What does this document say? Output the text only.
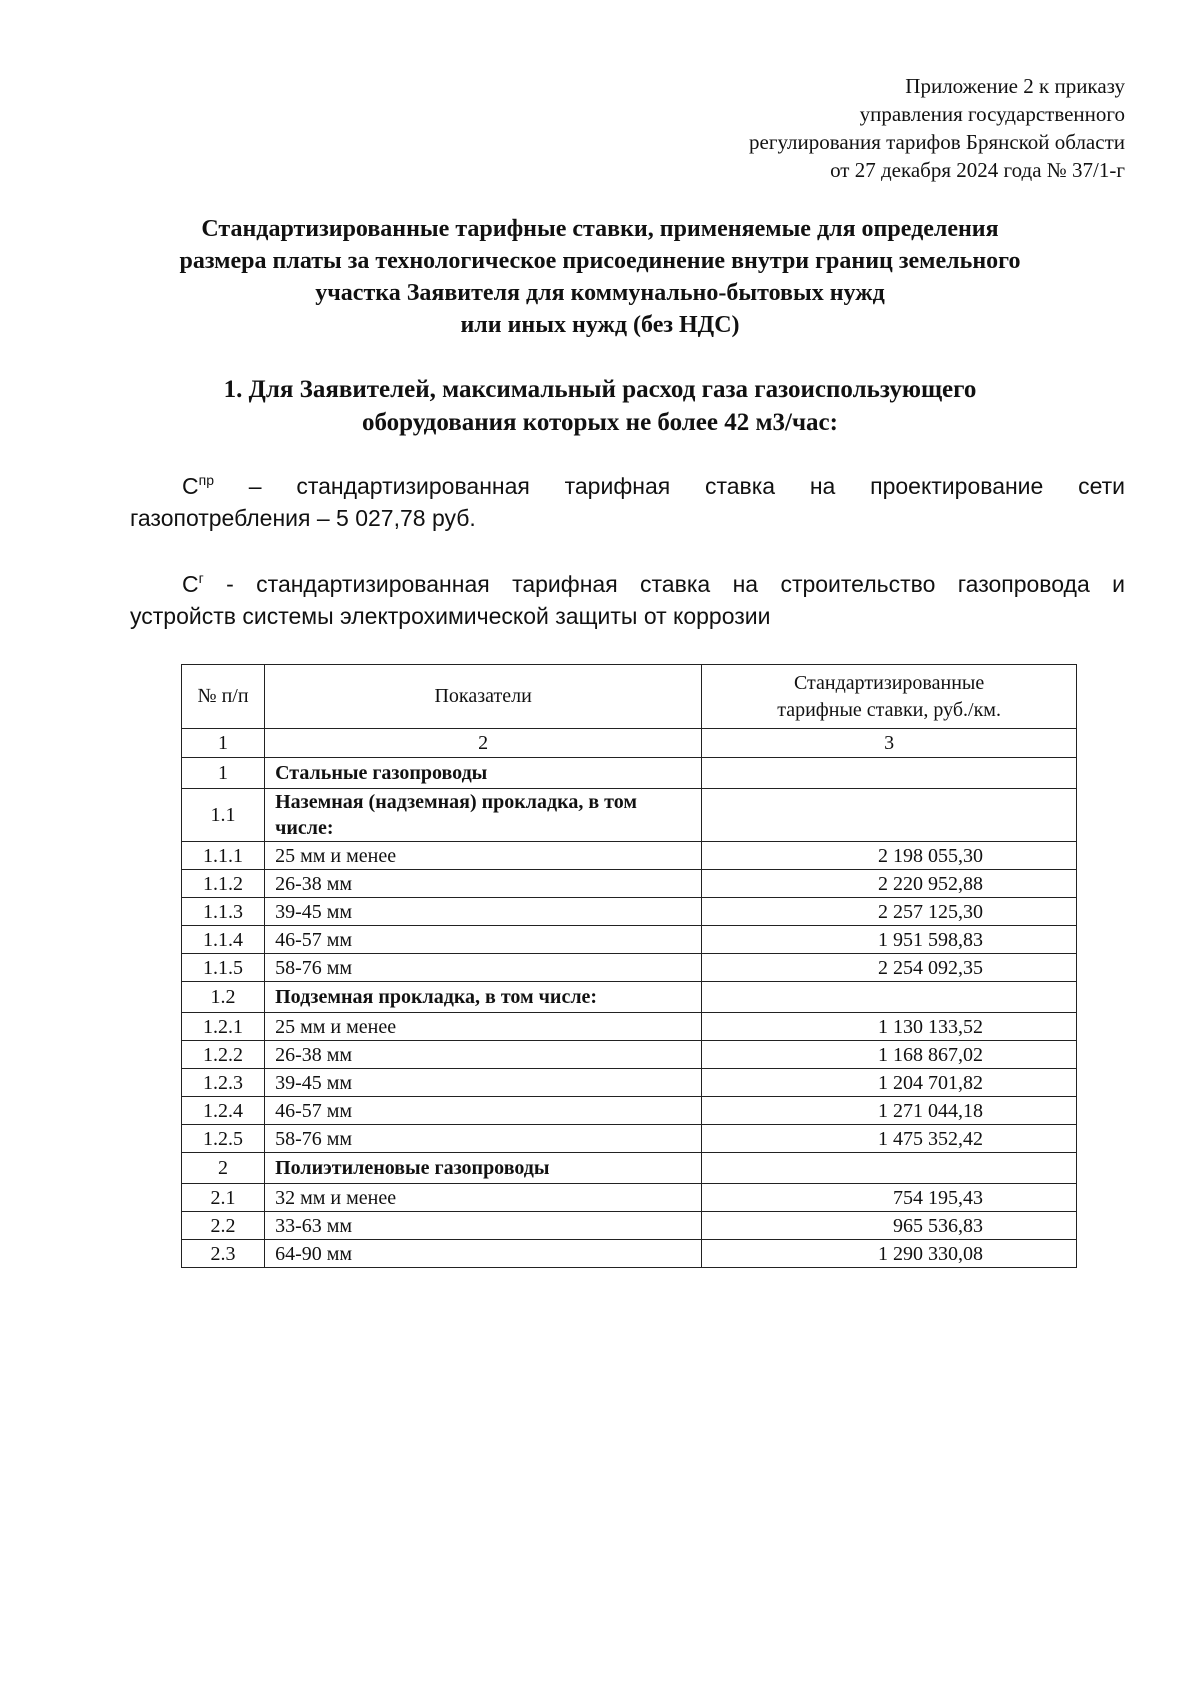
Приложение 2 к приказу
управления государственного
регулирования тарифов Брянской области
от 27 декабря 2024 года № 37/1-г
Стандартизированные тарифные ставки, применяемые для определения
размера платы за технологическое присоединение внутри границ земельного
участка Заявителя для коммунально-бытовых нужд
или иных нужд (без НДС)
1. Для Заявителей, максимальный расход газа газоиспользующего
оборудования которых не более 42 м3/час:
$С^{пр}$ – стандартизированная тарифная ставка на проектирование сети
газопотребления – 5 027,78 руб.
$С^г$ - стандартизированная тарифная ставка на строительство газопровода и
устройств системы электрохимической защиты от коррозии
№ п/п	Показатели	Стандартизированные
тарифные ставки, руб./км.

1	2	3
1	Стальные газопроводы	
1.1	Наземная (надземная) прокладка, в том числе:	
1.1.1	25 мм и менее	2 198 055,30
1.1.2	26-38 мм	2 220 952,88
1.1.3	39-45 мм	2 257 125,30
1.1.4	46-57 мм	1 951 598,83
1.1.5	58-76 мм	2 254 092,35
1.2	Подземная прокладка, в том числе:	
1.2.1	25 мм и менее	1 130 133,52
1.2.2	26-38 мм	1 168 867,02
1.2.3	39-45 мм	1 204 701,82
1.2.4	46-57 мм	1 271 044,18
1.2.5	58-76 мм	1 475 352,42
2	Полиэтиленовые газопроводы	
2.1	32 мм и менее	754 195,43
2.2	33-63 мм	965 536,83
2.3	64-90 мм	1 290 330,08
